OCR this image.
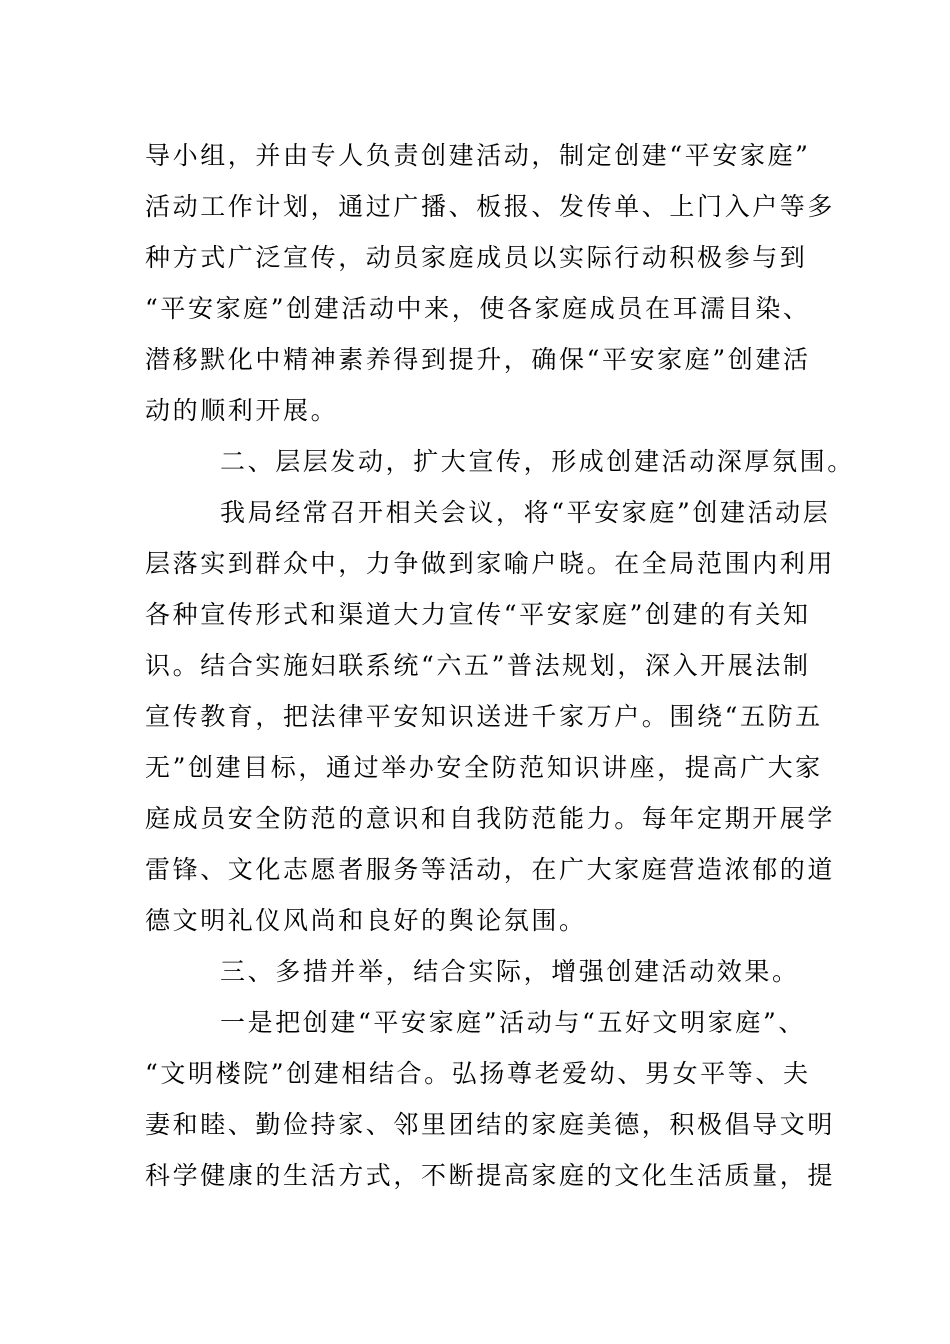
导小组，并由专人负责创建活动，制定创建“平安家庭”
活动工作计划，通过广播、板报、发传单、上门入户等多
种方式广泛宣传，动员家庭成员以实际行动积极参与到
“平安家庭”创建活动中来，使各家庭成员在耳濡目染、
潜移默化中精神素养得到提升，确保“平安家庭”创建活
动的顺利开展。
二、层层发动，扩大宣传，形成创建活动深厚氛围。
我局经常召开相关会议，将“平安家庭”创建活动层
层落实到群众中，力争做到家喻户晓。在全局范围内利用
各种宣传形式和渠道大力宣传“平安家庭”创建的有关知
识。结合实施妇联系统“六五”普法规划，深入开展法制
宣传教育，把法律平安知识送进千家万户。围绕“五防五
无”创建目标，通过举办安全防范知识讲座，提高广大家
庭成员安全防范的意识和自我防范能力。每年定期开展学
雷锋、文化志愿者服务等活动，在广大家庭营造浓郁的道
德文明礼仪风尚和良好的舆论氛围。
三、多措并举，结合实际，增强创建活动效果。
一是把创建“平安家庭”活动与“五好文明家庭”、
“文明楼院”创建相结合。弘扬尊老爱幼、男女平等、夫
妻和睦、勤俭持家、邻里团结的家庭美德，积极倡导文明
科学健康的生活方式，不断提高家庭的文化生活质量，提
